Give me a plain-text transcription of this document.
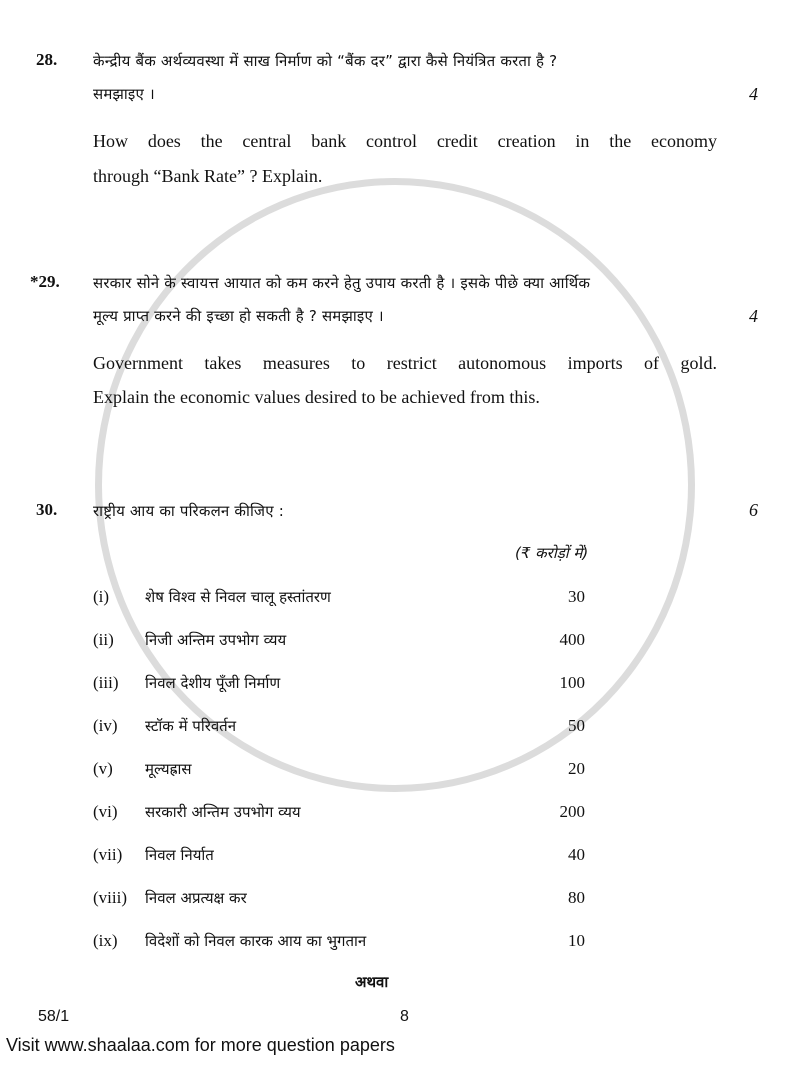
28. केन्द्रीय बैंक अर्थव्यवस्था में साख निर्माण को “बैंक दर” द्वारा कैसे नियंत्रित करता है ?
समझाइए ।	4
How does the central bank control credit creation in the economy
through “Bank Rate” ? Explain.
*29. सरकार सोने के स्वायत्त आयात को कम करने हेतु उपाय करती है । इसके पीछे क्या आर्थिक
मूल्य प्राप्त करने की इच्छा हो सकती है ? समझाइए ।	4
Government takes measures to restrict autonomous imports of gold.
Explain the economic values desired to be achieved from this.
30. राष्ट्रीय आय का परिकलन कीजिए :	6
(₹ करोड़ों में)
(i) शेष विश्व से निवल चालू हस्तांतरण	30
(ii) निजी अन्तिम उपभोग व्यय	400
(iii) निवल देशीय पूँजी निर्माण	100
(iv) स्टॉक में परिवर्तन	50
(v) मूल्यह्रास	20
(vi) सरकारी अन्तिम उपभोग व्यय	200
(vii) निवल निर्यात	40
(viii) निवल अप्रत्यक्ष कर	80
(ix) विदेशों को निवल कारक आय का भुगतान	10
अथवा
58/1	8
Visit www.shaalaa.com for more question papers
